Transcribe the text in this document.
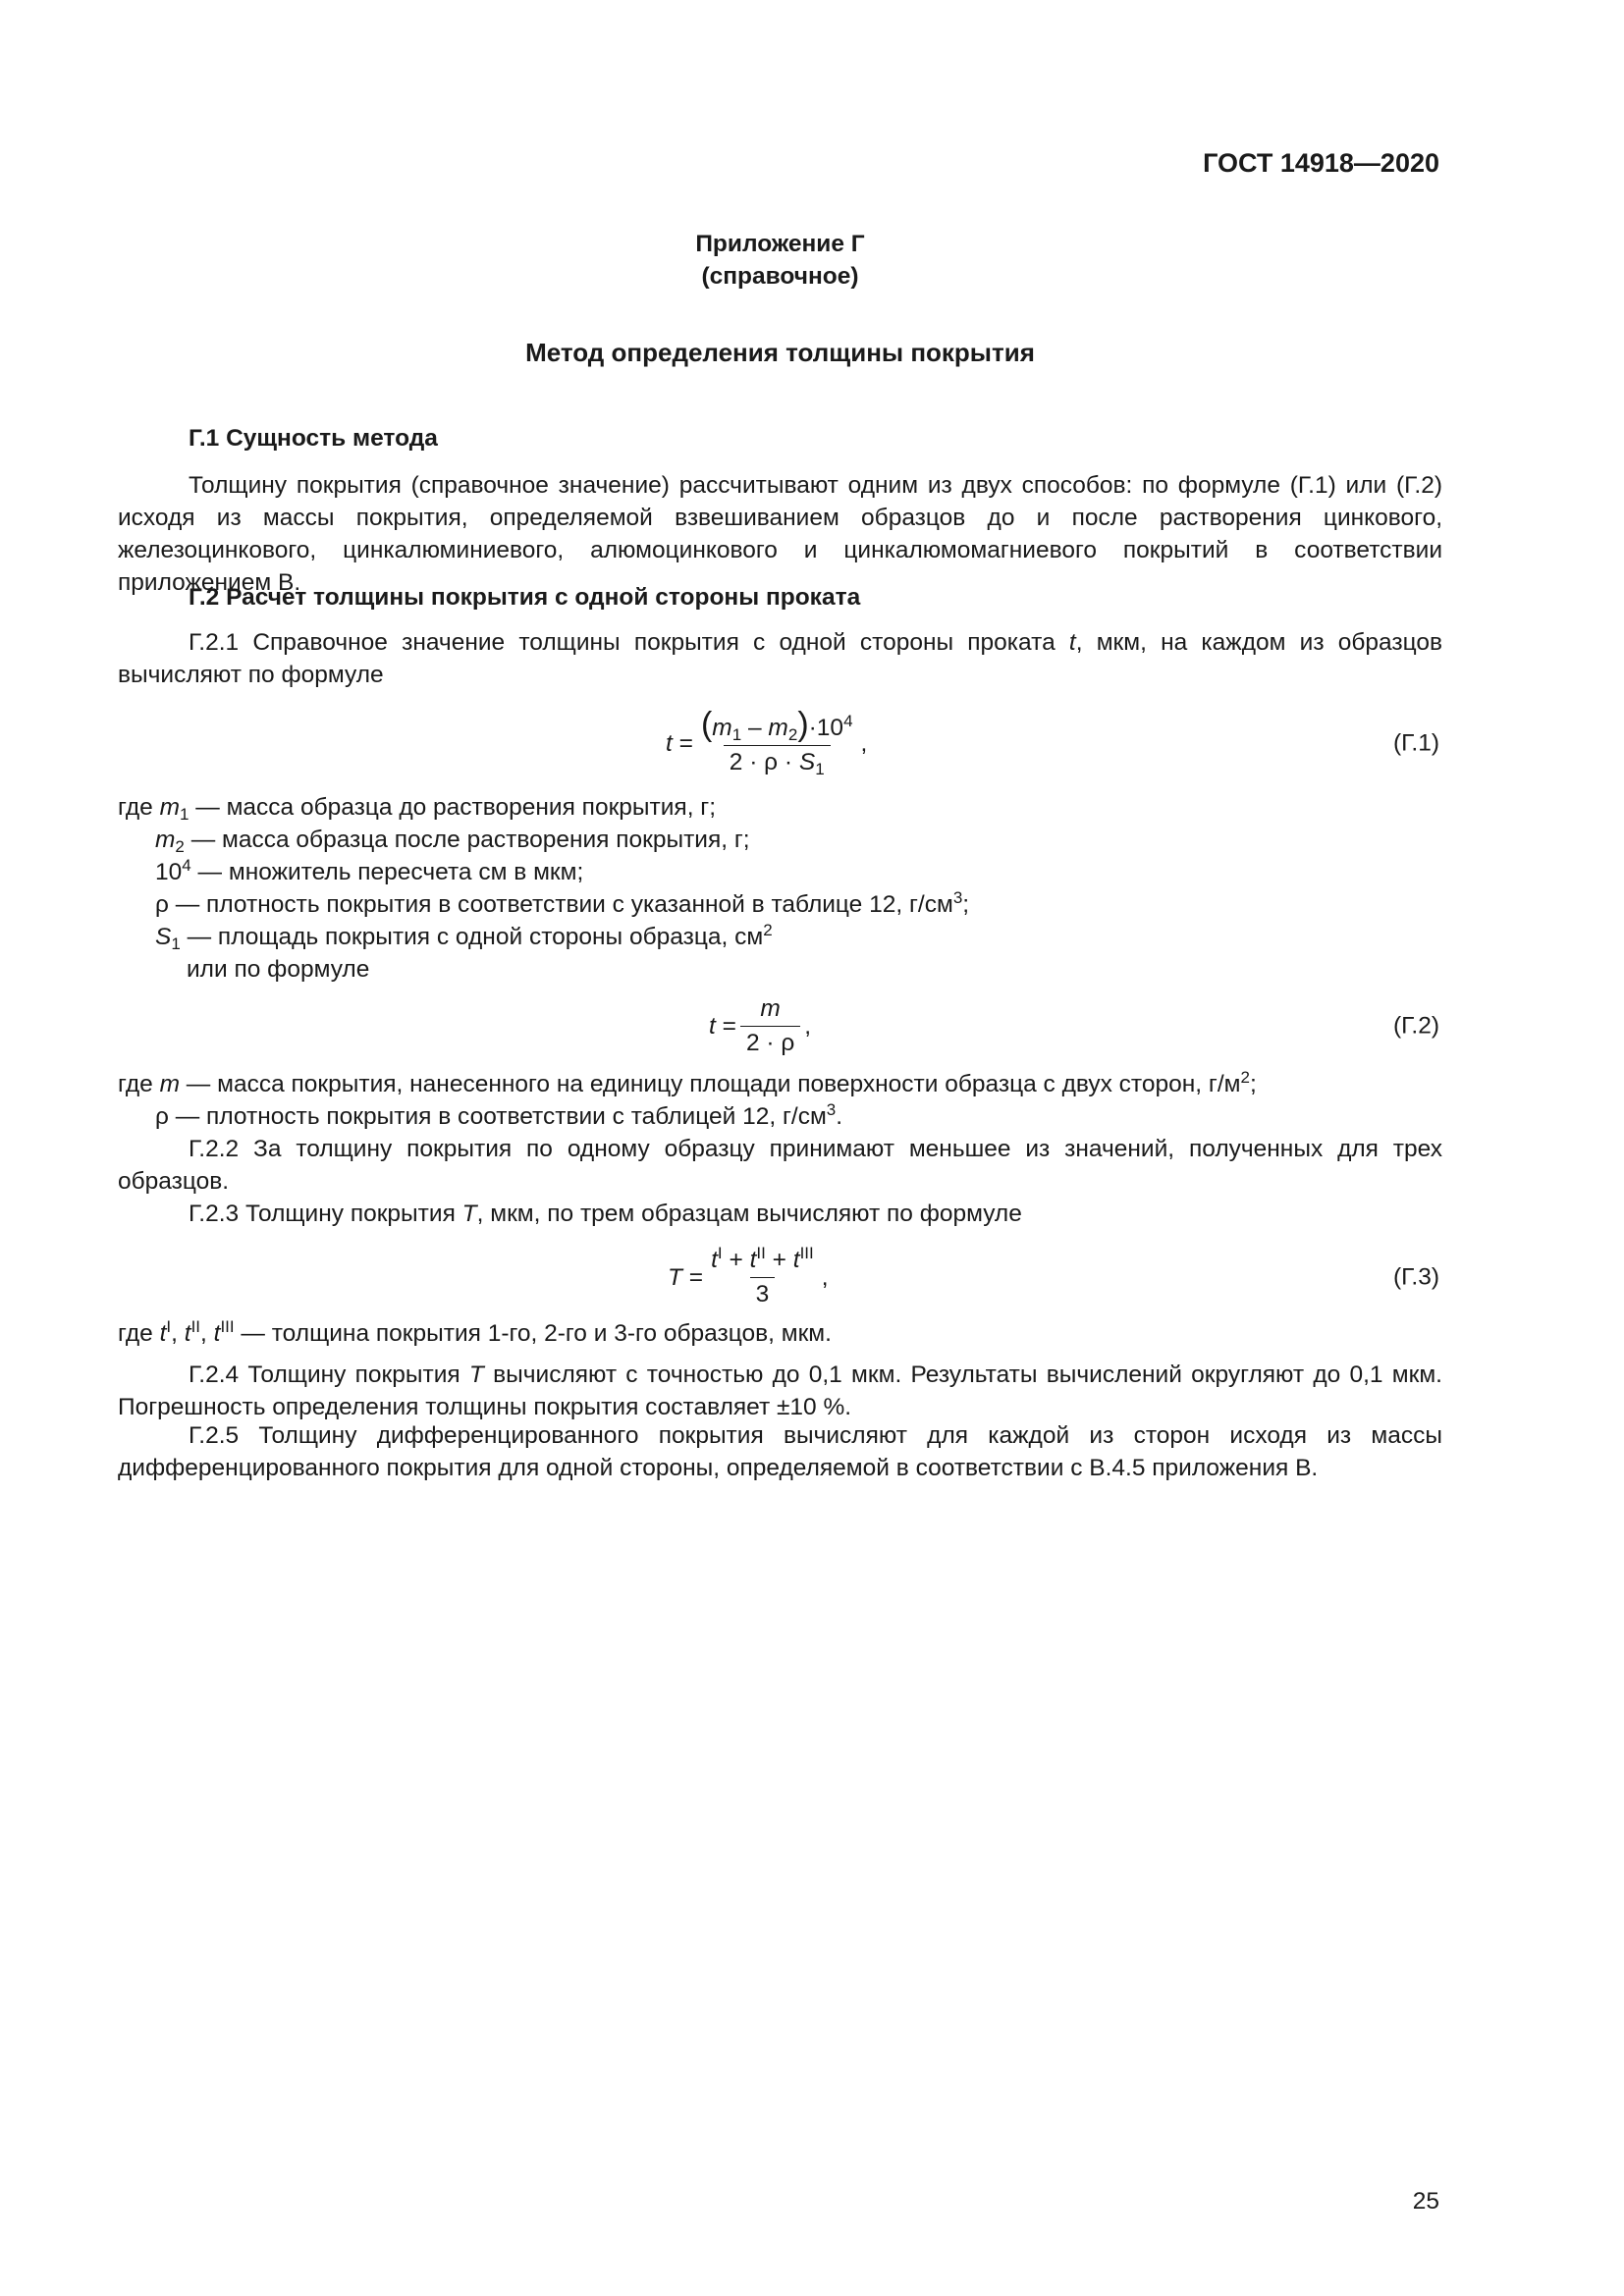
ГОСТ 14918—2020
Приложение Г
(справочное)
Метод определения толщины покрытия
Г.1 Сущность метода

Толщину покрытия (справочное значение) рассчитывают одним из двух способов: по формуле (Г.1) или (Г.2) исходя из массы покрытия, определяемой взвешиванием образцов до и после растворения цинкового, железоцинкового, цинкалюминиевого, алюмоцинкового и цинкалюмомагниевого покрытий в соответствии приложением В.

Г.2 Расчет толщины покрытия с одной стороны проката

Г.2.1 Справочное значение толщины покрытия с одной стороны проката t, мкм, на каждом из образцов вычисляют по формуле

t
= $\frac{(m_1 - m_2)\cdot 10^4}{2 \cdot \rho \cdot S_1}$ ,	(Г.1)
где $m_1$ — масса образца до растворения покрытия, г;
$m_2$ — масса образца после растворения покрытия, г;
$10^4$ — множитель пересчета см в мкм;
ρ — плотность покрытия в соответствии с указанной в таблице 12, $г/см^3$;
$S_1$ — площадь покрытия с одной стороны образца, $см^2$
или по формуле
t
= $\frac{m}{2 \cdot \rho}$ ,	(Г.2)
где m — масса покрытия, нанесенного на единицу площади поверхности образца с двух сторон, $г/м^2$;
ρ — плотность покрытия в соответствии с таблицей 12, $г/см^3$.

Г.2.2 За толщину покрытия по одному образцу принимают меньшее из значений, полученных для трех образцов.

Г.2.3 Толщину покрытия T, мкм, по трем образцам вычисляют по формуле

T
= $\frac{t^I + t^{II} + t^{III}}{3}$ ,	(Г.3)
где $t^I$, $t^{II}$, $t^{III}$ — толщина покрытия 1-го, 2-го и 3-го образцов, мкм.

Г.2.4 Толщину покрытия T вычисляют с точностью до 0,1 мкм. Результаты вычислений округляют до 0,1 мкм. Погрешность определения толщины покрытия составляет ±10 %.

Г.2.5 Толщину дифференцированного покрытия вычисляют для каждой из сторон исходя из массы дифференцированного покрытия для одной стороны, определяемой в соответствии с В.4.5 приложения В.

25
